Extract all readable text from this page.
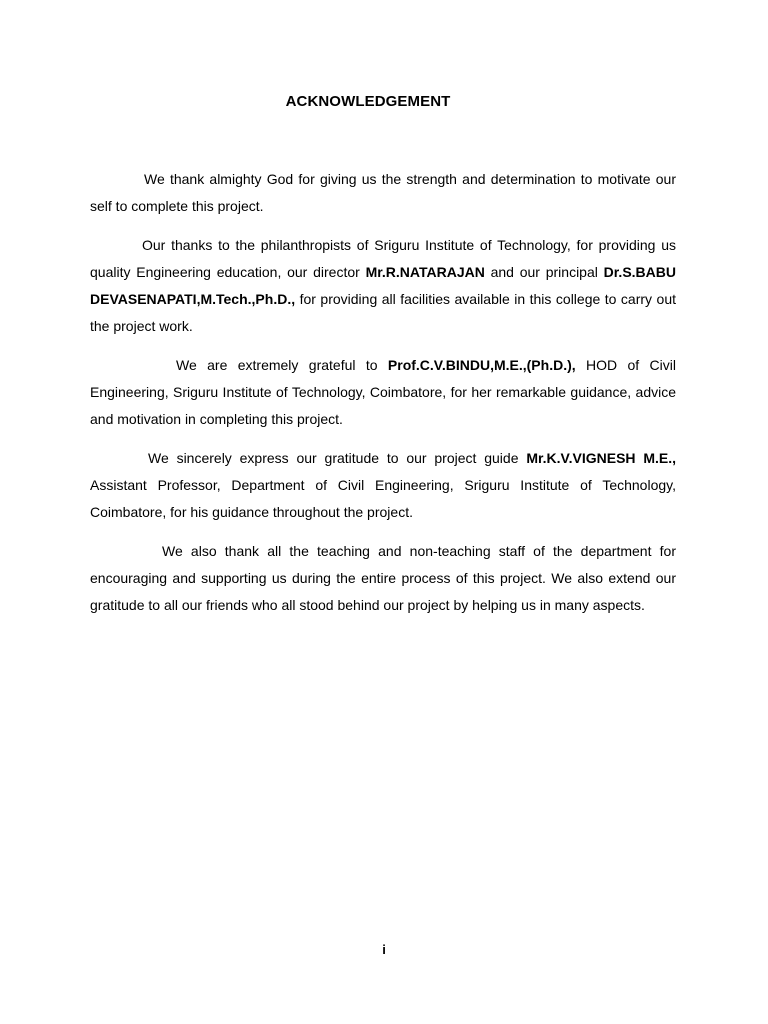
ACKNOWLEDGEMENT

We thank almighty God for giving us the strength and determination to motivate our self to complete this project.

Our thanks to the philanthropists of Sriguru Institute of Technology, for providing us quality Engineering education, our director Mr.R.NATARAJAN and our principal Dr.S.BABU DEVASENAPATI,M.Tech.,Ph.D., for providing all facilities available in this college to carry out the project work.

We are extremely grateful to Prof.C.V.BINDU,M.E.,(Ph.D.), HOD of Civil Engineering, Sriguru Institute of Technology, Coimbatore, for her remarkable guidance, advice and motivation in completing this project.

We sincerely express our gratitude to our project guide Mr.K.V.VIGNESH M.E., Assistant Professor, Department of Civil Engineering, Sriguru Institute of Technology, Coimbatore, for his guidance throughout the project.

We also thank all the teaching and non-teaching staff of the department for encouraging and supporting us during the entire process of this project. We also extend our gratitude to all our friends who all stood behind our project by helping us in many aspects.

i
